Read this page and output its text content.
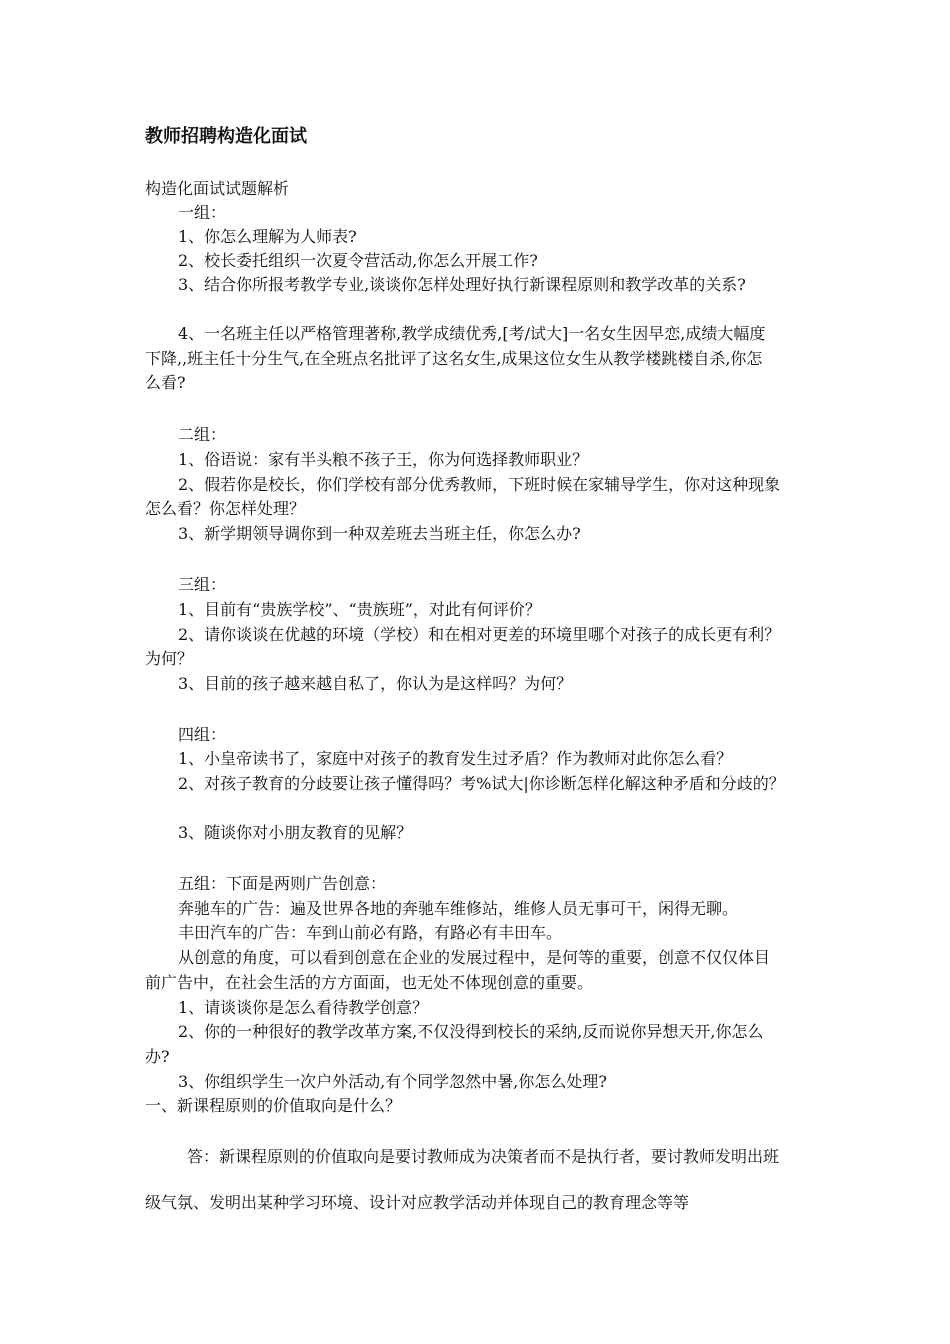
教师招聘构造化面试
构造化面试试题解析
一组：
1、你怎么理解为人师表?
2、校长委托组织一次夏令营活动,你怎么开展工作?
3、结合你所报考教学专业,谈谈你怎样处理好执行新课程原则和教学改革的关系?
4、一名班主任以严格管理著称,教学成绩优秀,[考/试大]一名女生因早恋,成绩大幅度
下降,,班主任十分生气,在全班点名批评了这名女生,成果这位女生从教学楼跳楼自杀,你怎
么看?
二组：
1、俗语说：家有半头粮不孩子王，你为何选择教师职业？
2、假若你是校长，你们学校有部分优秀教师，下班时候在家辅导学生，你对这种现象
怎么看？你怎样处理？
3、新学期领导调你到一种双差班去当班主任，你怎么办?
三组：
1、目前有“贵族学校”、“贵族班”，对此有何评价？
2、请你谈谈在优越的环境（学校）和在相对更差的环境里哪个对孩子的成长更有利？
为何？
3、目前的孩子越来越自私了，你认为是这样吗？为何？
四组：
1、小皇帝读书了，家庭中对孩子的教育发生过矛盾？作为教师对此你怎么看？
2、对孩子教育的分歧要让孩子懂得吗？考%试大|你诊断怎样化解这种矛盾和分歧的？
3、随谈你对小朋友教育的见解？
五组：下面是两则广告创意：
奔驰车的广告：遍及世界各地的奔驰车维修站，维修人员无事可干，闲得无聊。
丰田汽车的广告：车到山前必有路，有路必有丰田车。
从创意的角度，可以看到创意在企业的发展过程中，是何等的重要，创意不仅仅体目
前广告中，在社会生活的方方面面，也无处不体现创意的重要。
1、请谈谈你是怎么看待教学创意？
2、你的一种很好的教学改革方案,不仅没得到校长的采纳,反而说你异想天开,你怎么
办?
3、你组织学生一次户外活动,有个同学忽然中暑,你怎么处理?
一、新课程原则的价值取向是什么？
答：新课程原则的价值取向是要讨教师成为决策者而不是执行者，要讨教师发明出班
级气氛、发明出某种学习环境、设计对应教学活动并体现自己的教育理念等等
